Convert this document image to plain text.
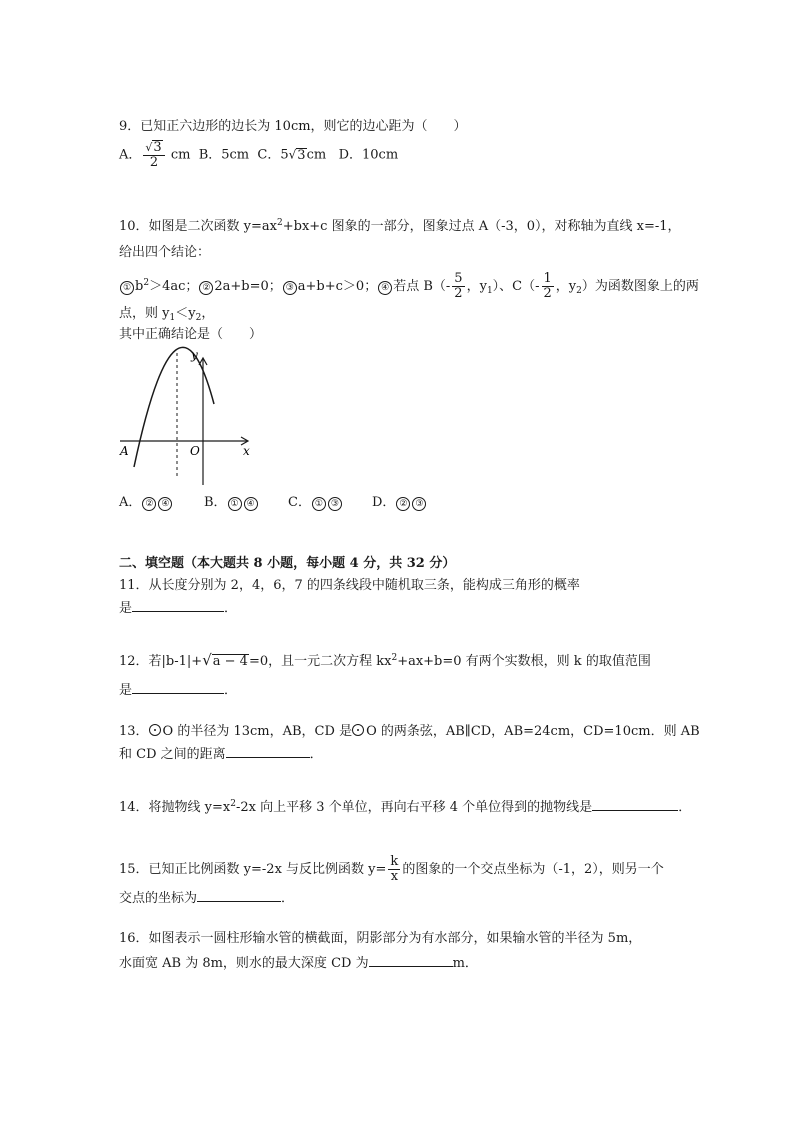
9．已知正六边形的边长为 10cm，则它的边心距为（　　）
A． $\frac{√3}{2}$ cm B．5cm C．5√3cm D．10cm
10．如图是二次函数 $y=ax^2+bx+c$ 图象的一部分，图象过点 A（-3，0），对称轴为直线 x=-1，
给出四个结论：
① $b^2>4ac$； ② 2a+b=0； ③ a+b+c＞0； ④ 若点 $B(- \frac{5}{2}$ ，$y_1$）、$C(- \frac{1}{2}$ ，$y_2$）为函数图象上的两
点，则 $y_1<y_2$，
其中正确结论是（　　）
y
x
O
A
A． ② ④	B． ① ④	C． ① ③	D． ② ③
二、填空题（本大题共 8 小题，每小题 4 分，共 32 分）
11．从长度分别为 2，4，6，7 的四条线段中随机取三条，能构成三角形的概率
是	．
12．若|b-1|+√a − 4=0，且一元二次方程 $kx^2+ax+b=0$ 有两个实数根，则 k 的取值范围
是	．
13． O 的半径为 13cm，AB，CD 是 O 的两条弦，AB∥CD，AB=24cm，CD=10cm．则 AB
和 CD 之间的距离	．
14．将抛物线 $y=x^2-2x$ 向上平移 3 个单位，再向右平移 4 个单位得到的抛物线是	．
15．已知正比例函数 y=-2x 与反比例函数 $y= \frac{k}{x}$ 的图象的一个交点坐标为（-1，2），则另一个
交点的坐标为	．
16．如图表示一圆柱形输水管的横截面，阴影部分为有水部分，如果输水管的半径为 5m，
水面宽 AB 为 8m，则水的最大深度 CD 为	m．
